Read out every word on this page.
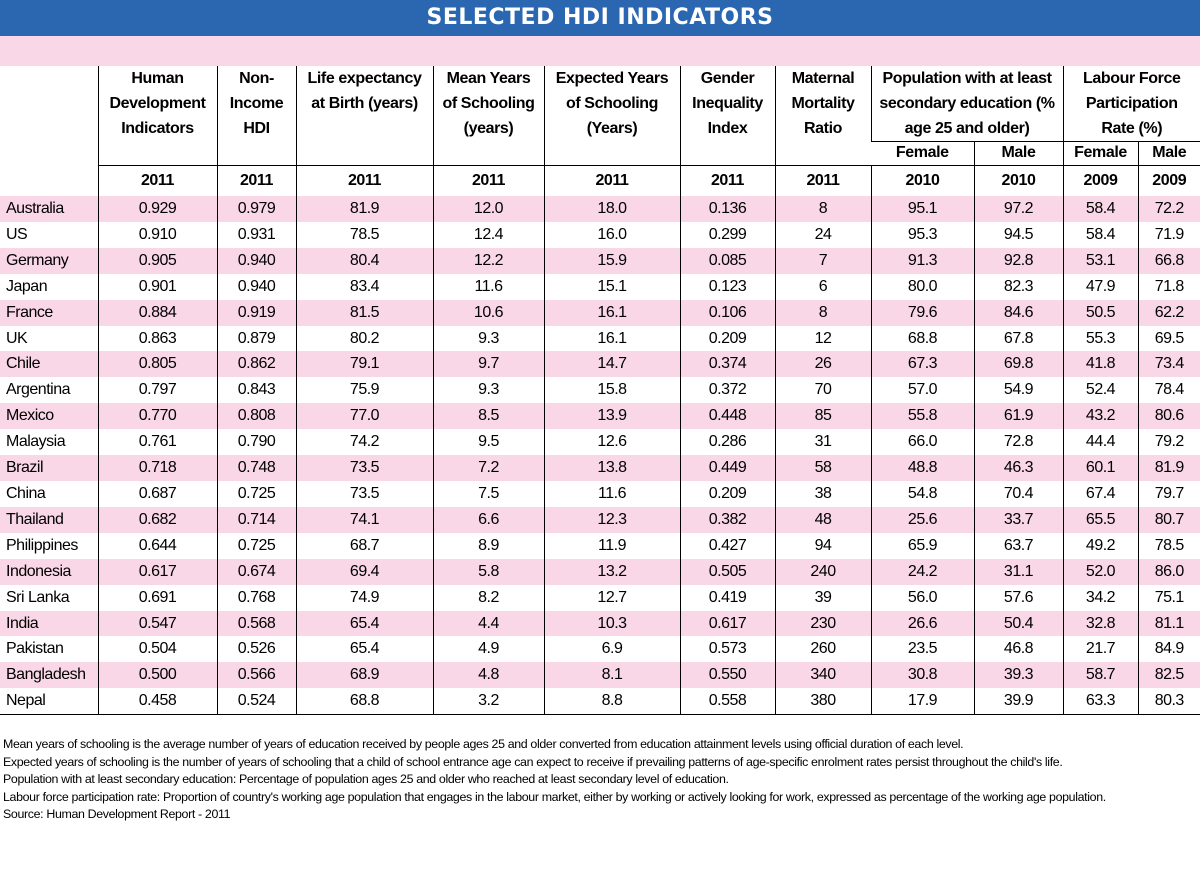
SELECTED HDI INDICATORS
	Human Development Indicators	Non-Income HDI	Life expectancy at Birth (years)	Mean Years of Schooling (years)	Expected Years of Schooling (Years)	Gender Inequality Index	Maternal Mortality Ratio	Population with at least secondary education (% age 25 and older)		Labour Force Participation Rate (%)	
								Female	Male	Female	Male
	2011	2011	2011	2011	2011	2011	2011	2010	2010	2009	2009
Australia	0.929	0.979	81.9	12.0	18.0	0.136	8	95.1	97.2	58.4	72.2
US	0.910	0.931	78.5	12.4	16.0	0.299	24	95.3	94.5	58.4	71.9
Germany	0.905	0.940	80.4	12.2	15.9	0.085	7	91.3	92.8	53.1	66.8
Japan	0.901	0.940	83.4	11.6	15.1	0.123	6	80.0	82.3	47.9	71.8
France	0.884	0.919	81.5	10.6	16.1	0.106	8	79.6	84.6	50.5	62.2
UK	0.863	0.879	80.2	9.3	16.1	0.209	12	68.8	67.8	55.3	69.5
Chile	0.805	0.862	79.1	9.7	14.7	0.374	26	67.3	69.8	41.8	73.4
Argentina	0.797	0.843	75.9	9.3	15.8	0.372	70	57.0	54.9	52.4	78.4
Mexico	0.770	0.808	77.0	8.5	13.9	0.448	85	55.8	61.9	43.2	80.6
Malaysia	0.761	0.790	74.2	9.5	12.6	0.286	31	66.0	72.8	44.4	79.2
Brazil	0.718	0.748	73.5	7.2	13.8	0.449	58	48.8	46.3	60.1	81.9
China	0.687	0.725	73.5	7.5	11.6	0.209	38	54.8	70.4	67.4	79.7
Thailand	0.682	0.714	74.1	6.6	12.3	0.382	48	25.6	33.7	65.5	80.7
Philippines	0.644	0.725	68.7	8.9	11.9	0.427	94	65.9	63.7	49.2	78.5
Indonesia	0.617	0.674	69.4	5.8	13.2	0.505	240	24.2	31.1	52.0	86.0
Sri Lanka	0.691	0.768	74.9	8.2	12.7	0.419	39	56.0	57.6	34.2	75.1
India	0.547	0.568	65.4	4.4	10.3	0.617	230	26.6	50.4	32.8	81.1
Pakistan	0.504	0.526	65.4	4.9	6.9	0.573	260	23.5	46.8	21.7	84.9
Bangladesh	0.500	0.566	68.9	4.8	8.1	0.550	340	30.8	39.3	58.7	82.5
Nepal	0.458	0.524	68.8	3.2	8.8	0.558	380	17.9	39.9	63.3	80.3

Mean years of schooling is the average number of years of education received by people ages 25 and older converted from education attainment levels using official duration of each level.

Expected years of schooling is the number of years of schooling that a child of school entrance age can expect to receive if prevailing patterns of age-specific enrolment rates persist throughout the child's life.

Population with at least secondary education: Percentage of population ages 25 and older who reached at least secondary level of education.

Labour force participation rate: Proportion of country's working age population that engages in the labour market, either by working or actively looking for work, expressed as percentage of the working age population.

Source: Human Development Report - 2011
